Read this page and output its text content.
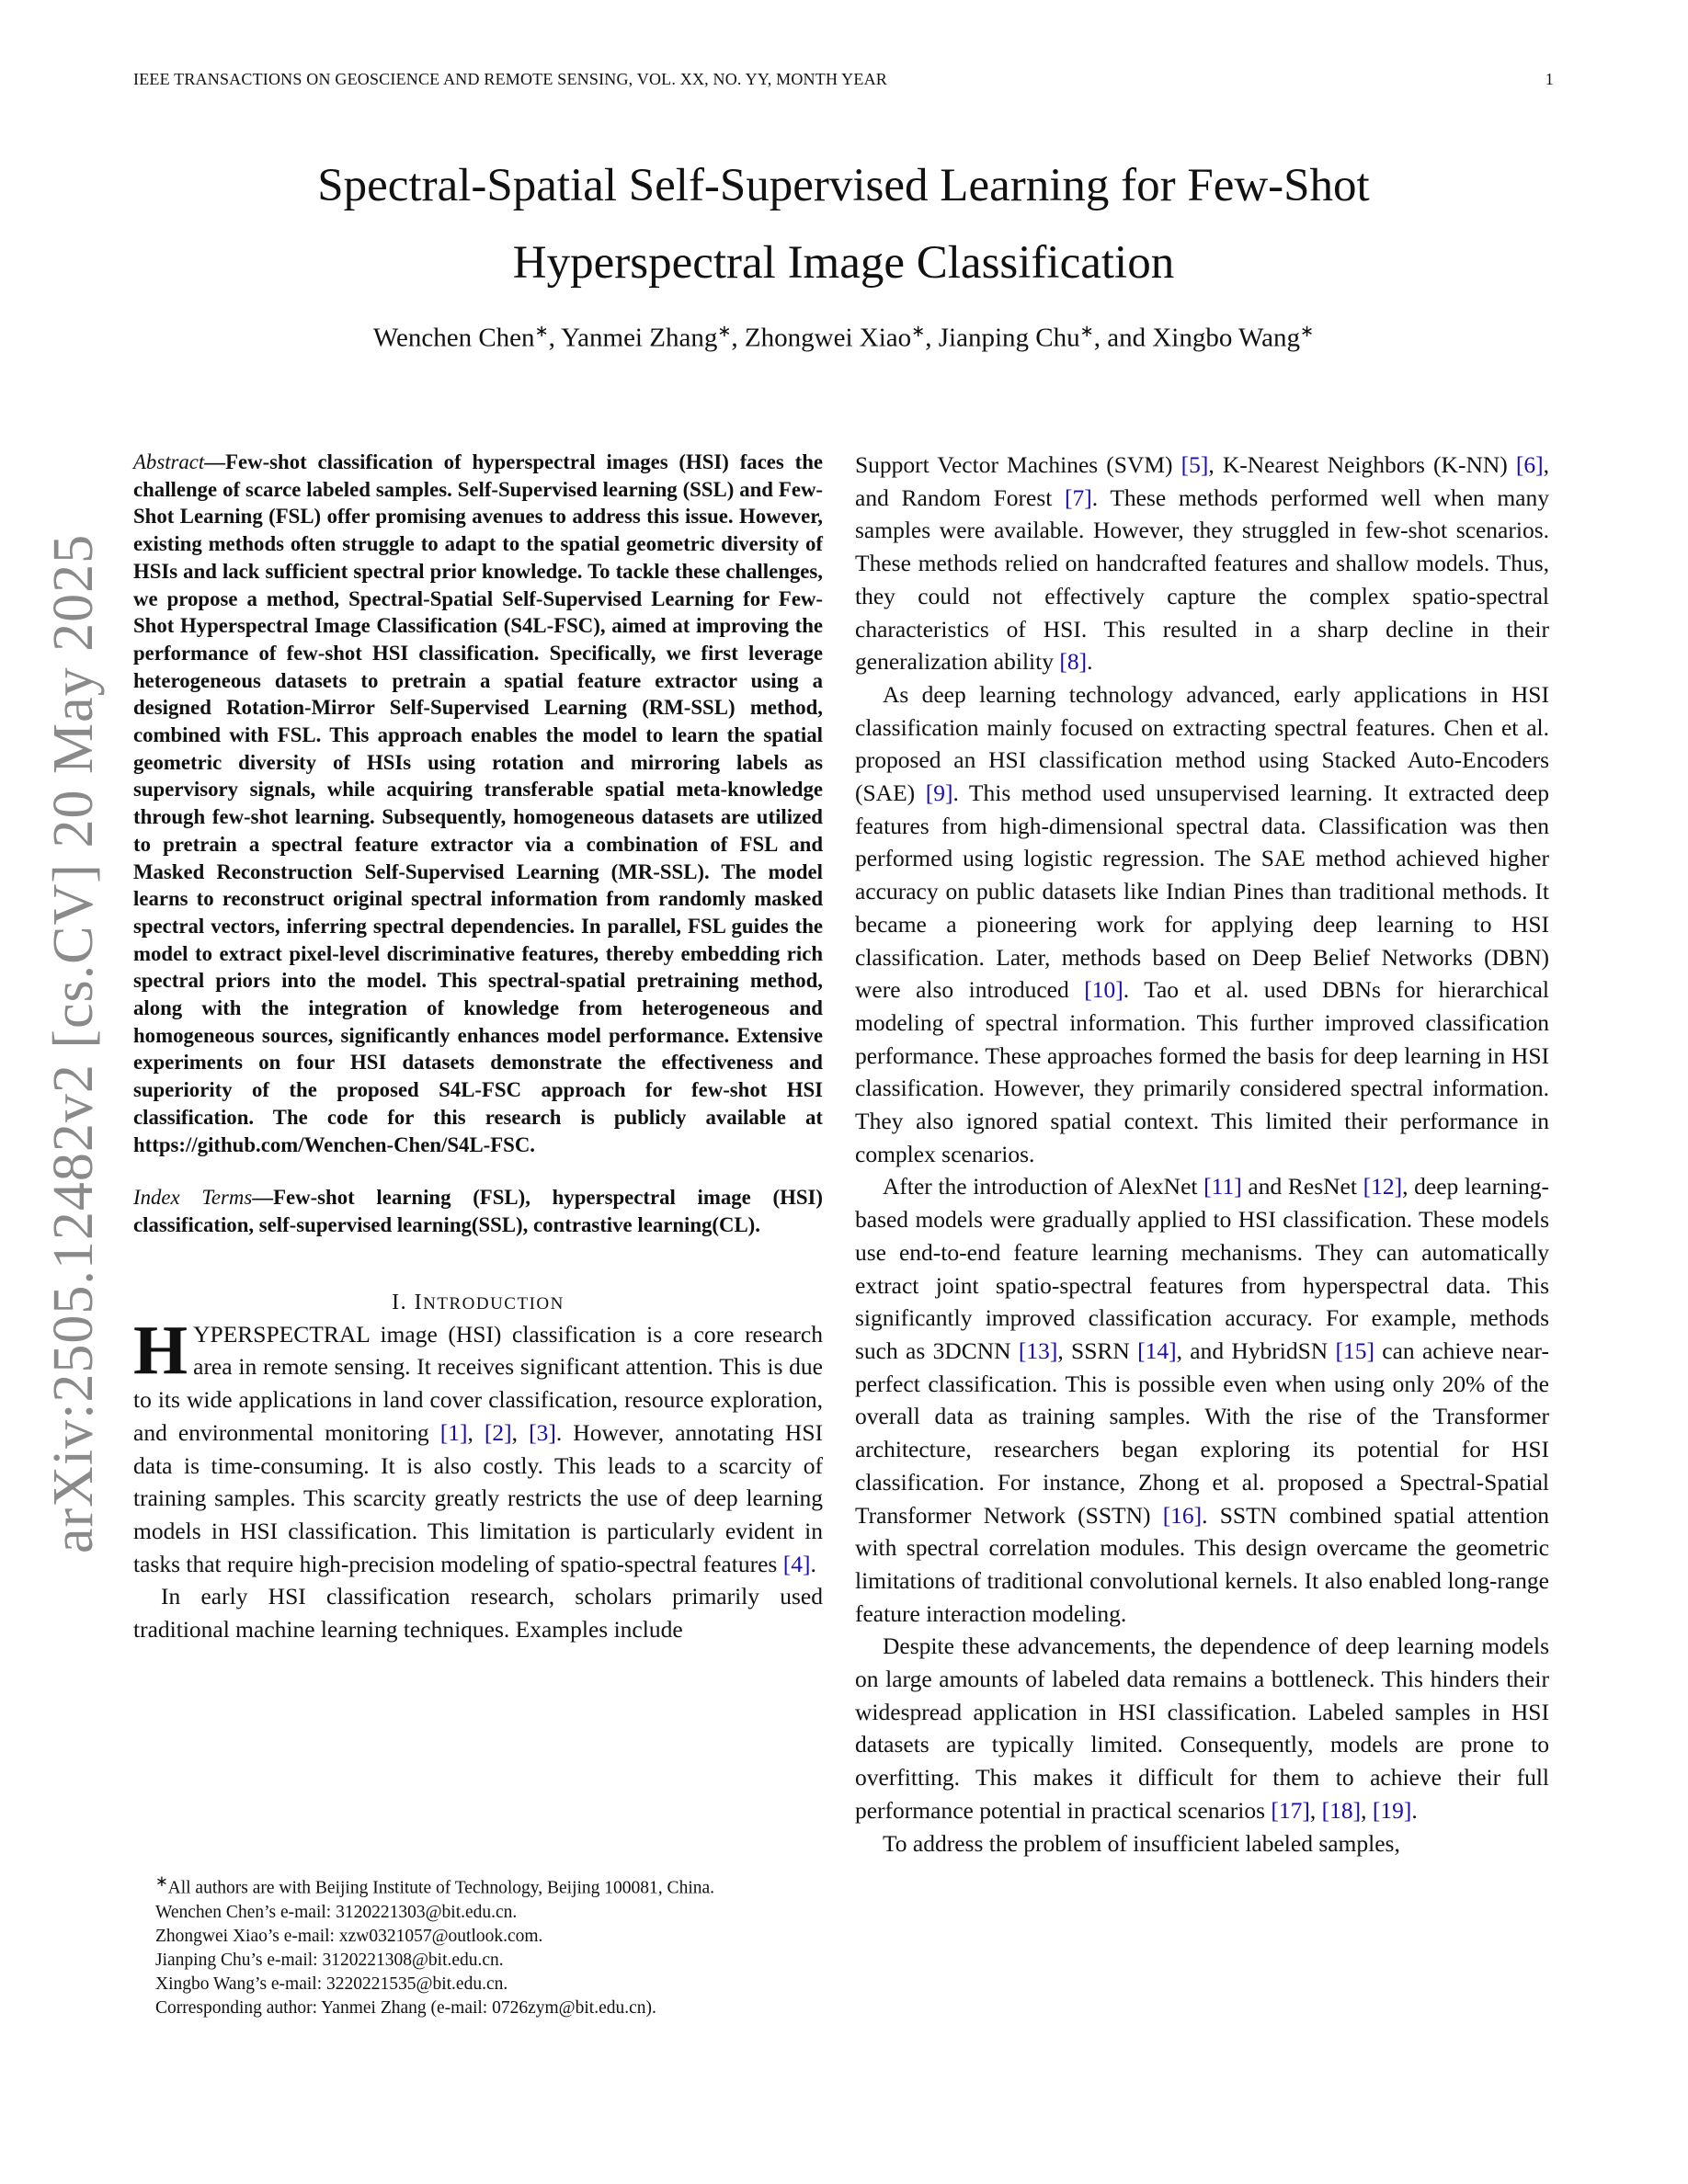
IEEE TRANSACTIONS ON GEOSCIENCE AND REMOTE SENSING, VOL. XX, NO. YY, MONTH YEAR	1
arXiv:2505.12482v2 [cs.CV] 20 May 2025
Spectral-Spatial Self-Supervised Learning for Few-Shot
Hyperspectral Image Classification
Wenchen Chen∗, Yanmei Zhang∗, Zhongwei Xiao∗, Jianping Chu∗, and Xingbo Wang∗
Abstract—Few-shot classification of hyperspectral images (HSI) faces the challenge of scarce labeled samples. Self-Supervised learning (SSL) and Few-Shot Learning (FSL) offer promising avenues to address this issue. However, existing methods often struggle to adapt to the spatial geometric diversity of HSIs and lack sufficient spectral prior knowledge. To tackle these challenges, we propose a method, Spectral-Spatial Self-Supervised Learning for Few-Shot Hyperspectral Image Classification (S4L-FSC), aimed at improving the performance of few-shot HSI classification. Specifically, we first leverage heterogeneous datasets to pretrain a spatial feature extractor using a designed Rotation-Mirror Self-Supervised Learning (RM-SSL) method, combined with FSL. This approach enables the model to learn the spatial geometric diversity of HSIs using rotation and mirroring labels as supervisory signals, while acquiring transferable spatial meta-knowledge through few-shot learning. Subsequently, homogeneous datasets are utilized to pretrain a spectral feature extractor via a combination of FSL and Masked Reconstruction Self-Supervised Learning (MR-SSL). The model learns to reconstruct original spectral information from randomly masked spectral vectors, inferring spectral dependencies. In parallel, FSL guides the model to extract pixel-level discriminative features, thereby embedding rich spectral priors into the model. This spectral-spatial pretraining method, along with the integration of knowledge from heterogeneous and homogeneous sources, significantly enhances model performance. Extensive experiments on four HSI datasets demonstrate the effectiveness and superiority of the proposed S4L-FSC approach for few-shot HSI classification. The code for this research is publicly available at https://github.com/Wenchen-Chen/S4L-FSC.
Index Terms—Few-shot learning (FSL), hyperspectral image (HSI) classification, self-supervised learning(SSL), contrastive learning(CL).
I. INTRODUCTION

HYPERSPECTRAL image (HSI) classification is a core research area in remote sensing. It receives significant attention. This is due to its wide applications in land cover classification, resource exploration, and environmental monitoring [1], [2], [3]. However, annotating HSI data is time-consuming. It is also costly. This leads to a scarcity of training samples. This scarcity greatly restricts the use of deep learning models in HSI classification. This limitation is particularly evident in tasks that require high-precision modeling of spatio-spectral features [4].

In early HSI classification research, scholars primarily used traditional machine learning techniques. Examples include

∗All authors are with Beijing Institute of Technology, Beijing 100081, China.

Wenchen Chen’s e-mail: 3120221303@bit.edu.cn.

Zhongwei Xiao’s e-mail: xzw0321057@outlook.com.

Jianping Chu’s e-mail: 3120221308@bit.edu.cn.

Xingbo Wang’s e-mail: 3220221535@bit.edu.cn.

Corresponding author: Yanmei Zhang (e-mail: 0726zym@bit.edu.cn).

Support Vector Machines (SVM) [5], K-Nearest Neighbors (K-NN) [6], and Random Forest [7]. These methods performed well when many samples were available. However, they struggled in few-shot scenarios. These methods relied on handcrafted features and shallow models. Thus, they could not effectively capture the complex spatio-spectral characteristics of HSI. This resulted in a sharp decline in their generalization ability [8].

As deep learning technology advanced, early applications in HSI classification mainly focused on extracting spectral features. Chen et al. proposed an HSI classification method using Stacked Auto-Encoders (SAE) [9]. This method used unsupervised learning. It extracted deep features from high-dimensional spectral data. Classification was then performed using logistic regression. The SAE method achieved higher accuracy on public datasets like Indian Pines than traditional methods. It became a pioneering work for applying deep learning to HSI classification. Later, methods based on Deep Belief Networks (DBN) were also introduced [10]. Tao et al. used DBNs for hierarchical modeling of spectral information. This further improved classification performance. These approaches formed the basis for deep learning in HSI classification. However, they primarily considered spectral information. They also ignored spatial context. This limited their performance in complex scenarios.

After the introduction of AlexNet [11] and ResNet [12], deep learning-based models were gradually applied to HSI classification. These models use end-to-end feature learning mechanisms. They can automatically extract joint spatio-spectral features from hyperspectral data. This significantly improved classification accuracy. For example, methods such as 3DCNN [13], SSRN [14], and HybridSN [15] can achieve near-perfect classification. This is possible even when using only 20% of the overall data as training samples. With the rise of the Transformer architecture, researchers began exploring its potential for HSI classification. For instance, Zhong et al. proposed a Spectral-Spatial Transformer Network (SSTN) [16]. SSTN combined spatial attention with spectral correlation modules. This design overcame the geometric limitations of traditional convolutional kernels. It also enabled long-range feature interaction modeling.

Despite these advancements, the dependence of deep learning models on large amounts of labeled data remains a bottleneck. This hinders their widespread application in HSI classification. Labeled samples in HSI datasets are typically limited. Consequently, models are prone to overfitting. This makes it difficult for them to achieve their full performance potential in practical scenarios [17], [18], [19].

To address the problem of insufficient labeled samples,
